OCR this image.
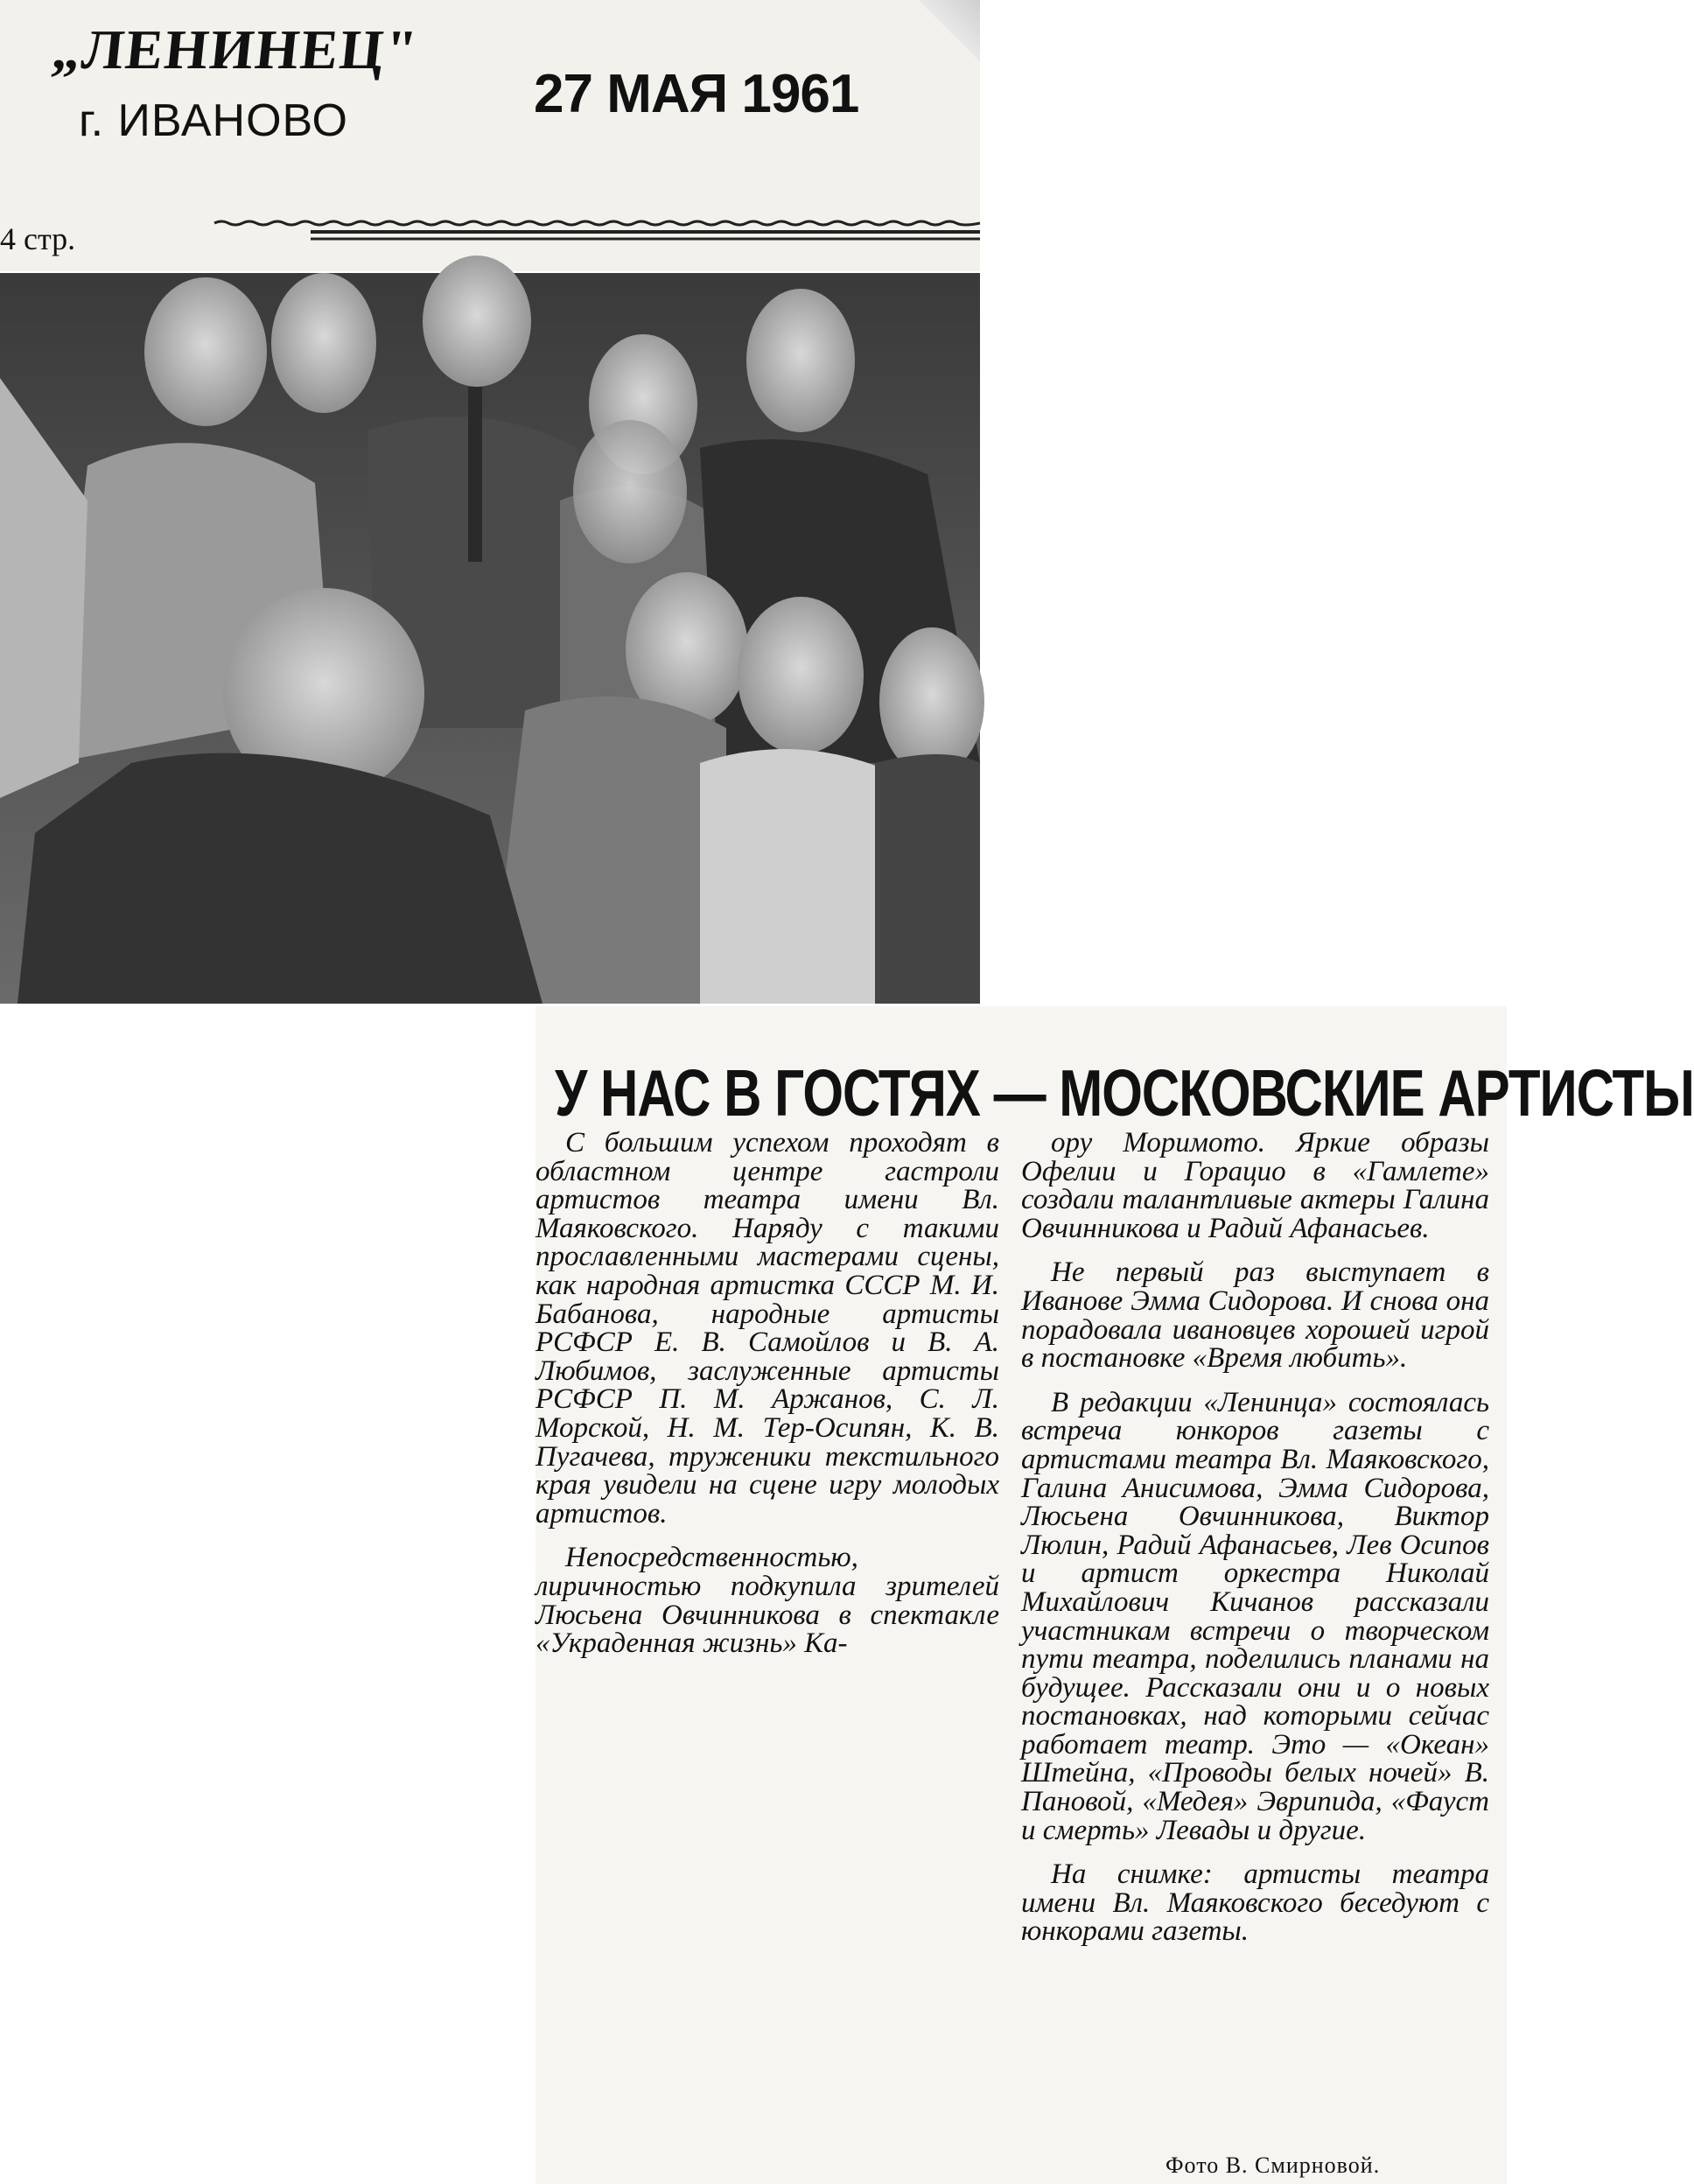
„ЛЕНИНЕЦ"
г. ИВАНОВО	27 МАЯ 1961
4 стр.
У НАС В ГОСТЯХ — МОСКОВСКИЕ АРТИСТЫ

С большим успехом проходят в областном центре гастроли артистов театра имени Вл. Маяковского. Наряду с такими прославленными мастерами сцены, как народная артистка СССР М. И. Бабанова, народные артисты РСФСР Е. В. Самойлов и В. А. Любимов, заслуженные артисты РСФСР П. М. Аржанов, С. Л. Морской, Н. М. Тер-Осипян, К. В. Пугачева, труженики текстильного края увидели на сцене игру молодых артистов.

Непосредственностью, лиричностью подкупила зрителей Люсьена Овчинникова в спектакле «Украденная жизнь» Ка-

ору Моримото. Яркие образы Офелии и Горацио в «Гамлете» создали талантливые актеры Галина Овчинникова и Радий Афанасьев.

Не первый раз выступает в Иванове Эмма Сидорова. И снова она порадовала ивановцев хорошей игрой в постановке «Время любить».

В редакции «Ленинца» состоялась встреча юнкоров газеты с артистами театра Вл. Маяковского, Галина Анисимова, Эмма Сидорова, Люсьена Овчинникова, Виктор Люлин, Радий Афанасьев, Лев Осипов и артист оркестра Николай Михайлович Кичанов рассказали участникам встречи о творческом пути театра, поделились планами на будущее. Рассказали они и о новых постановках, над которыми сейчас работает театр. Это — «Океан» Штейна, «Проводы белых ночей» В. Пановой, «Медея» Эврипида, «Фауст и смерть» Левады и другие.

На снимке: артисты театра имени Вл. Маяковского беседуют с юнкорами газеты.

Фото В. Смирновой.
